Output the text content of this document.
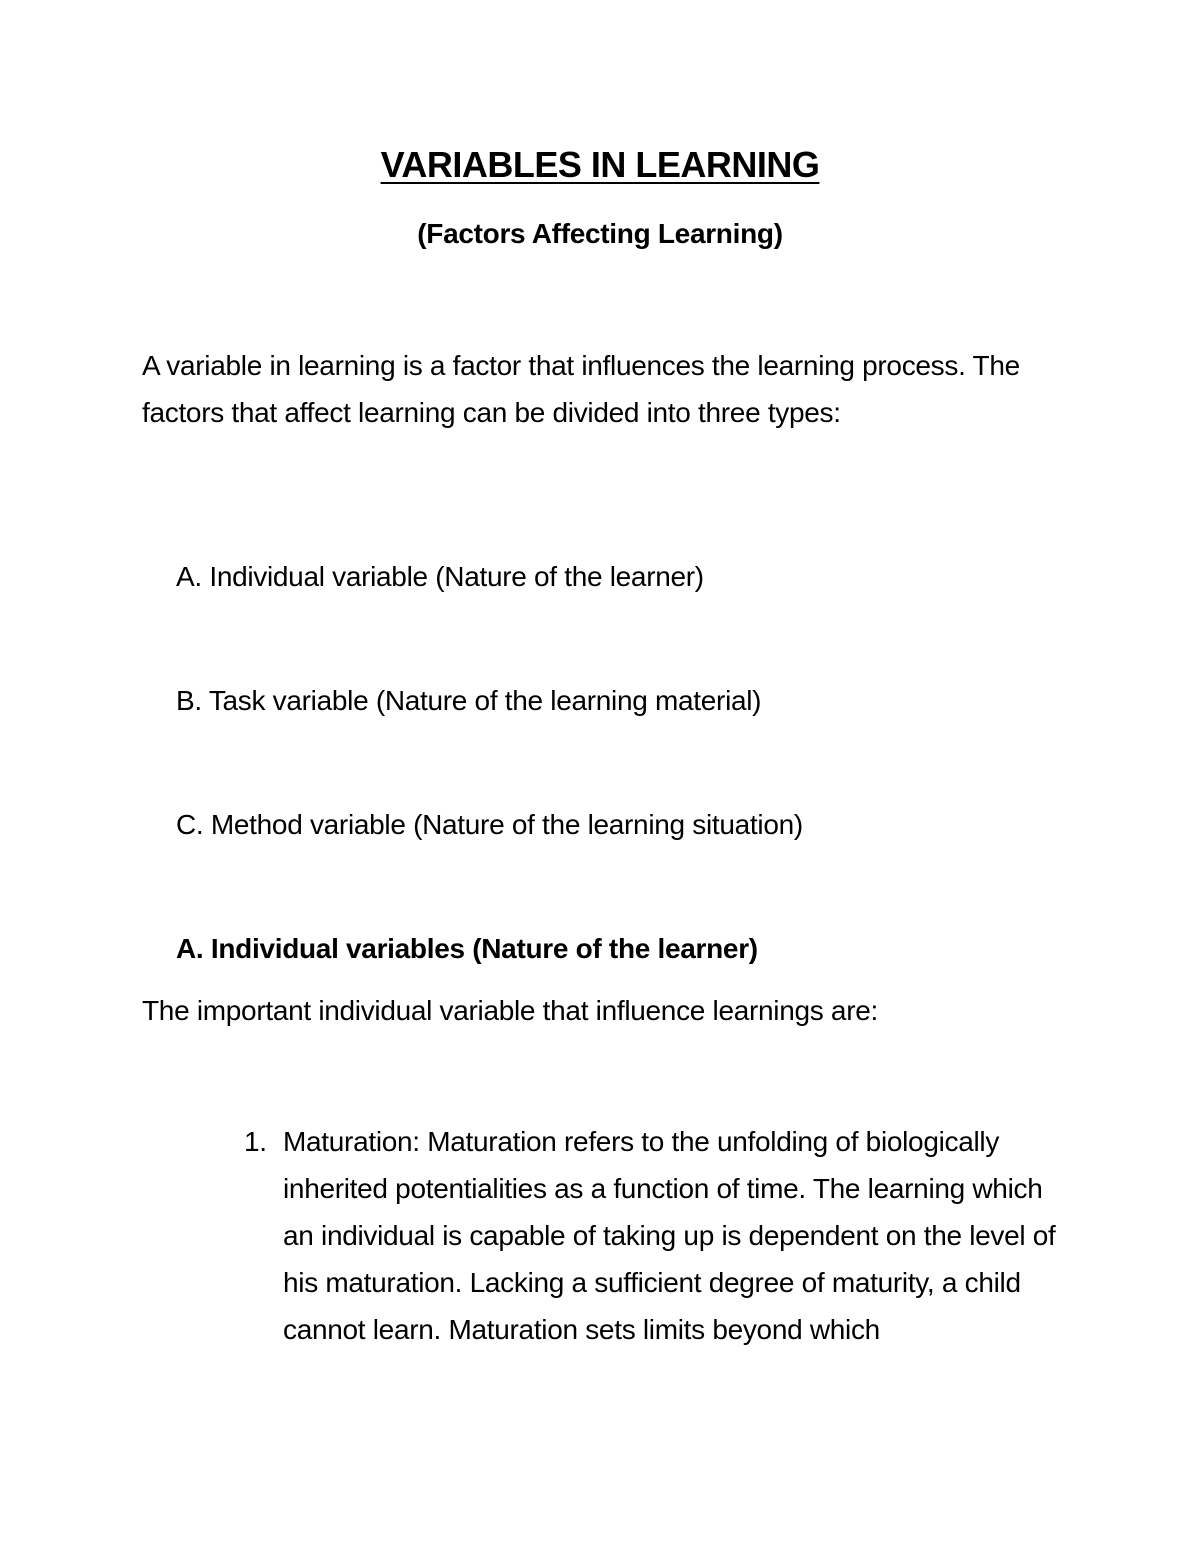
VARIABLES IN LEARNING
(Factors Affecting Learning)

A variable in learning is a factor that influences the learning process. The factors that affect learning can be divided into three types:

A. Individual variable (Nature of the learner)

B. Task variable (Nature of the learning material)

C. Method variable (Nature of the learning situation)

A. Individual variables (Nature of the learner)

The important individual variable that influence learnings are:

1. Maturation: Maturation refers to the unfolding of biologically inherited potentialities as a function of time. The learning which an individual is capable of taking up is dependent on the level of his maturation. Lacking a sufficient degree of maturity, a child cannot learn. Maturation sets limits beyond which
